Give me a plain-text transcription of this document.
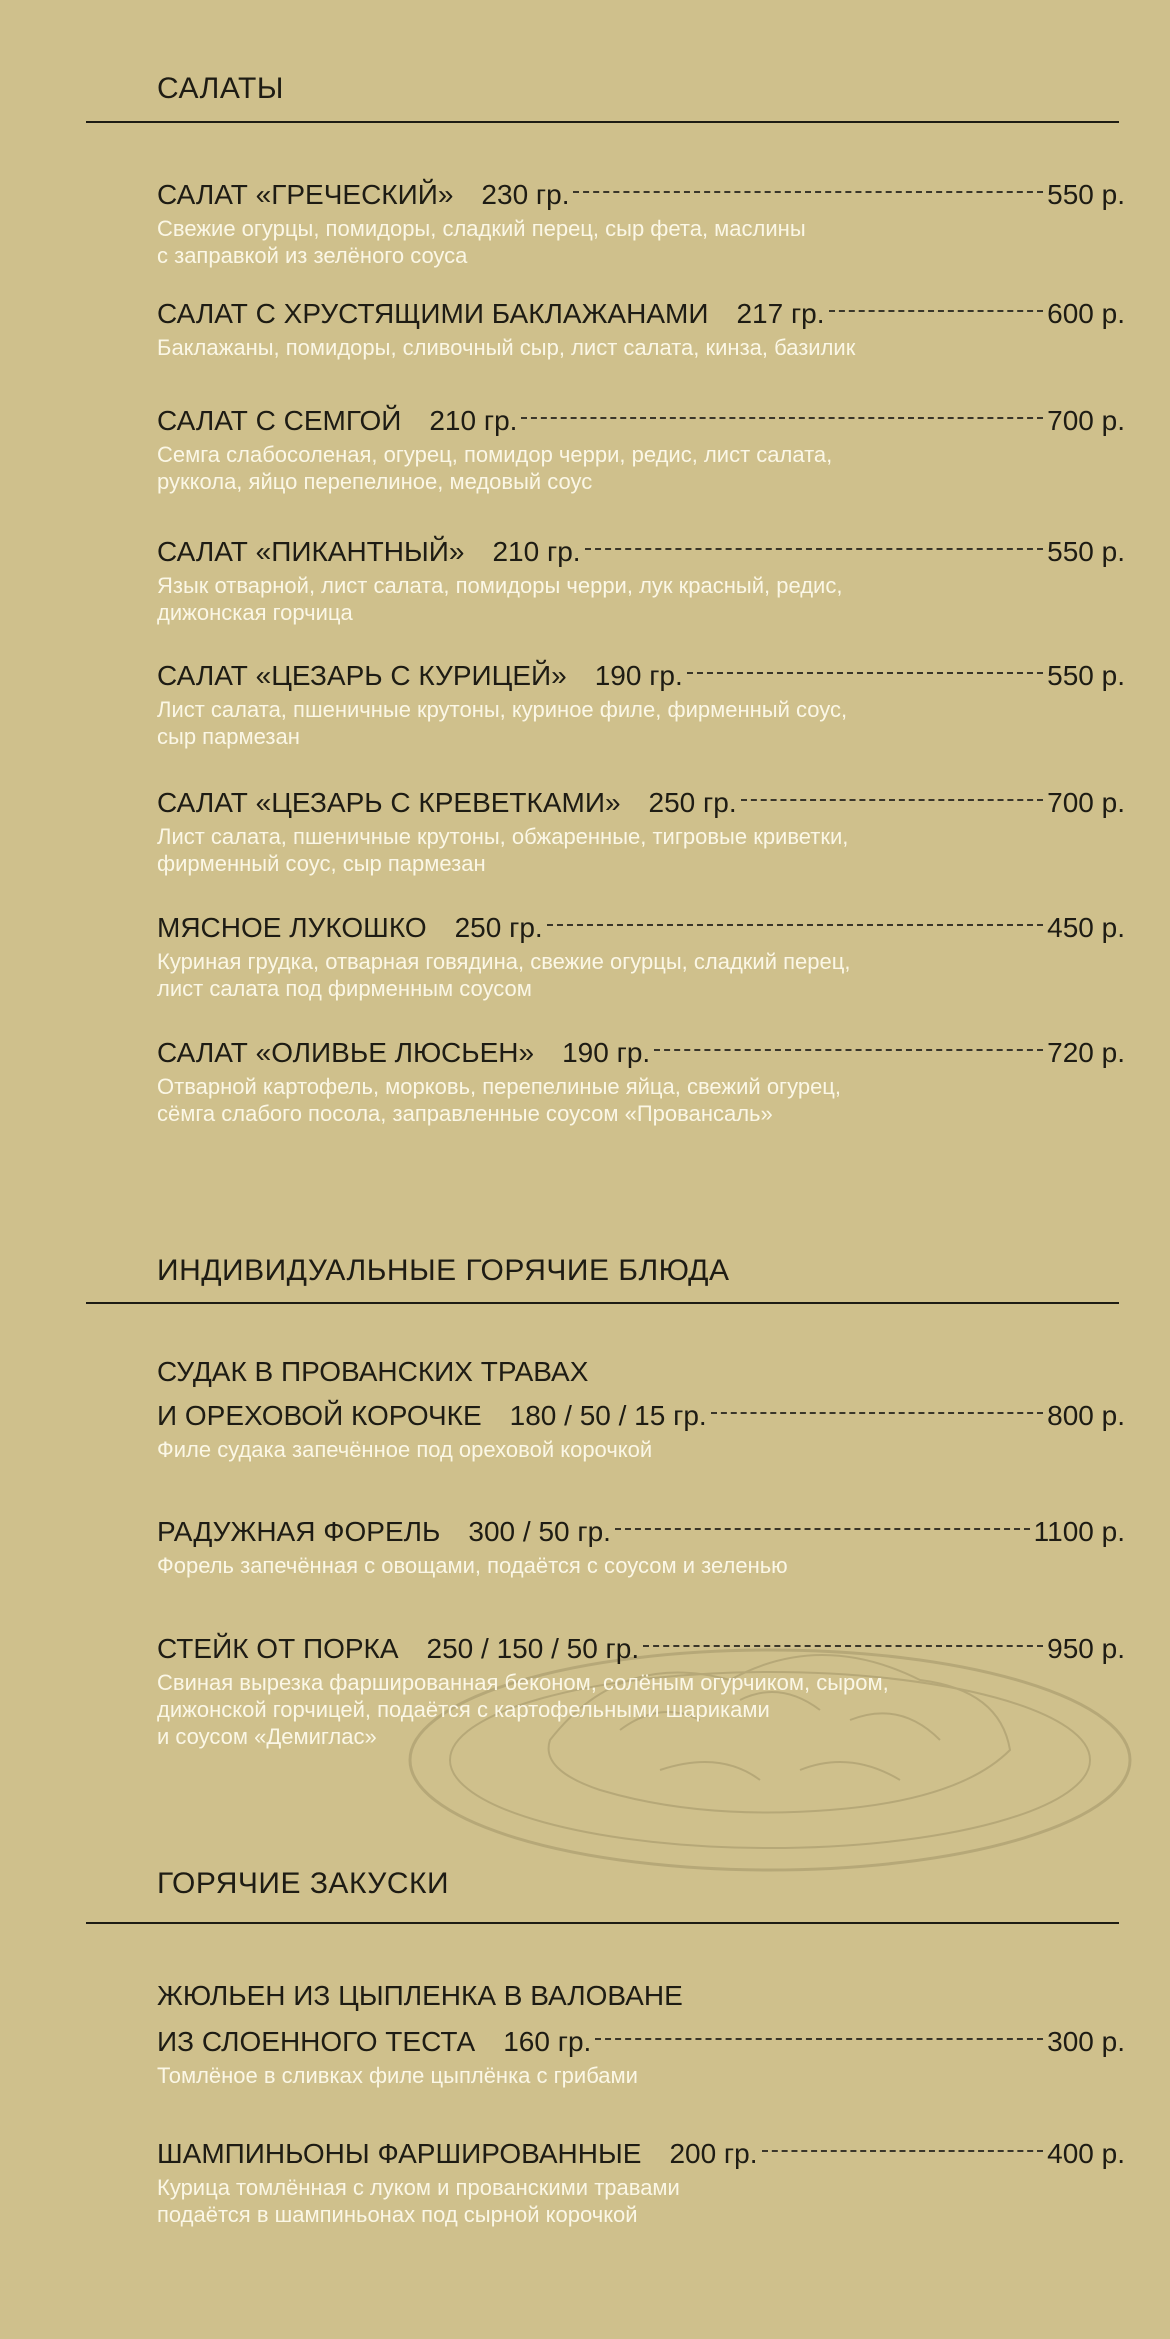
САЛАТЫ
САЛАТ «ГРЕЧЕСКИЙ» 230 гр.	550 р.
Свежие огурцы, помидоры, сладкий перец, сыр фета, маслины
с заправкой из зелёного соуса
САЛАТ С ХРУСТЯЩИМИ БАКЛАЖАНАМИ 217 гр.	600 р.
Баклажаны, помидоры, сливочный сыр, лист салата, кинза, базилик
САЛАТ С СЕМГОЙ 210 гр.	700 р.
Семга слабосоленая, огурец, помидор черри, редис, лист салата,
руккола, яйцо перепелиное, медовый соус
САЛАТ «ПИКАНТНЫЙ» 210 гр.	550 р.
Язык отварной, лист салата, помидоры черри, лук красный, редис,
дижонская горчица
САЛАТ «ЦЕЗАРЬ С КУРИЦЕЙ» 190 гр.	550 р.
Лист салата, пшеничные крутоны, куриное филе, фирменный соус,
сыр пармезан
САЛАТ «ЦЕЗАРЬ С КРЕВЕТКАМИ» 250 гр.	700 р.
Лист салата, пшеничные крутоны, обжаренные, тигровые криветки,
фирменный соус, сыр пармезан
МЯСНОЕ ЛУКОШКО 250 гр.	450 р.
Куриная грудка, отварная говядина, свежие огурцы, сладкий перец,
лист салата под фирменным соусом
САЛАТ «ОЛИВЬЕ ЛЮСЬЕН» 190 гр.	720 р.
Отварной картофель, морковь, перепелиные яйца, свежий огурец,
сёмга слабого посола, заправленные соусом «Провансаль»
ИНДИВИДУАЛЬНЫЕ ГОРЯЧИЕ БЛЮДА
СУДАК В ПРОВАНСКИХ ТРАВАХ
И ОРЕХОВОЙ КОРОЧКЕ 180 / 50 / 15 гр.	800 р.
Филе судака запечённое под ореховой корочкой
РАДУЖНАЯ ФОРЕЛЬ 300 / 50 гр.	1100 р.
Форель запечённая с овощами, подаётся с соусом и зеленью
СТЕЙК ОТ ПОРКА 250 / 150 / 50 гр.	950 р.
Свиная вырезка фаршированная беконом, солёным огурчиком, сыром,
дижонской горчицей, подаётся с картофельными шариками
и соусом «Демиглас»
ГОРЯЧИЕ ЗАКУСКИ
ЖЮЛЬЕН ИЗ ЦЫПЛЕНКА В ВАЛОВАНЕ
ИЗ СЛОЕННОГО ТЕСТА 160 гр.	300 р.
Томлёное в сливках филе цыплёнка с грибами
ШАМПИНЬОНЫ ФАРШИРОВАННЫЕ 200 гр.	400 р.
Курица томлённая с луком и прованскими травами
подаётся в шампиньонах под сырной корочкой
